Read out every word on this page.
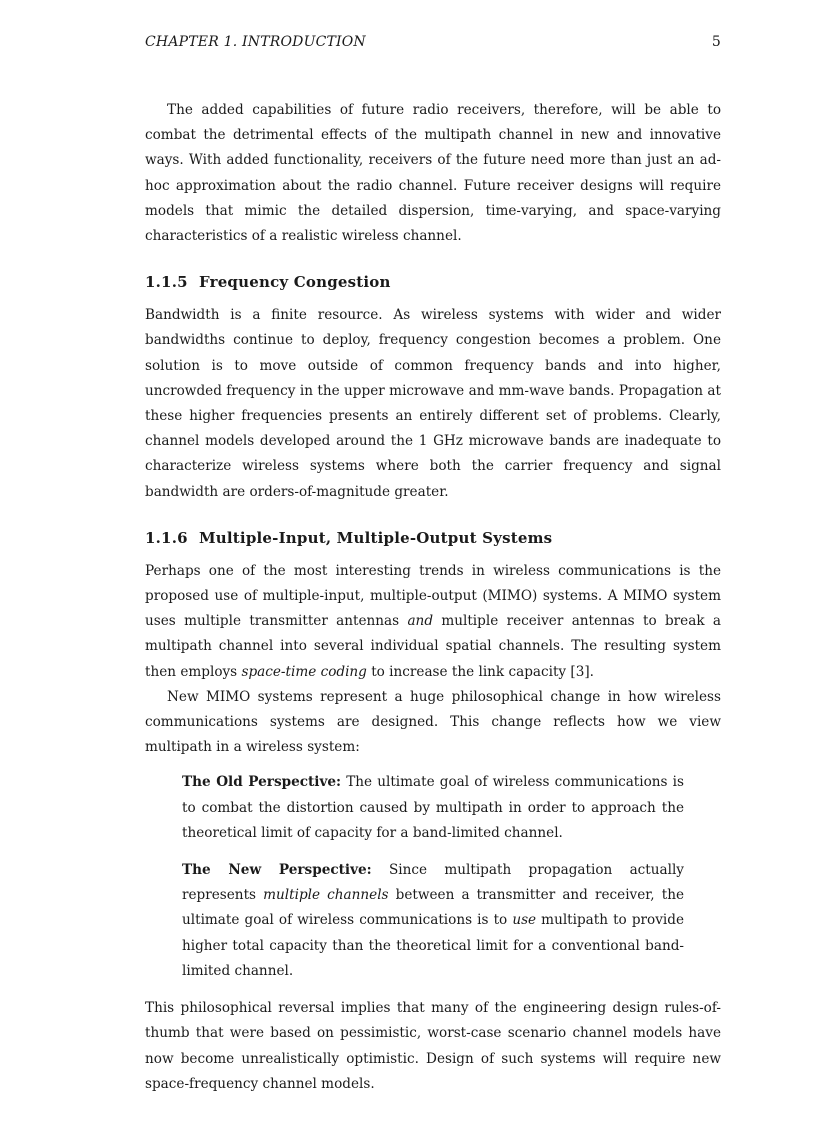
CHAPTER 1. INTRODUCTION	5

The added capabilities of future radio receivers, therefore, will be able to combat the detrimental effects of the multipath channel in new and innovative ways. With added functionality, receivers of the future need more than just an ad-hoc approximation about the radio channel. Future receiver designs will require models that mimic the detailed dispersion, time-varying, and space-varying characteristics of a realistic wireless channel.

1.1.5 Frequency Congestion

Bandwidth is a finite resource. As wireless systems with wider and wider bandwidths continue to deploy, frequency congestion becomes a problem. One solution is to move outside of common frequency bands and into higher, uncrowded frequency in the upper microwave and mm-wave bands. Propagation at these higher frequencies presents an entirely different set of problems. Clearly, channel models developed around the 1 GHz microwave bands are inadequate to characterize wireless systems where both the carrier frequency and signal bandwidth are orders-of-magnitude greater.

1.1.6 Multiple-Input, Multiple-Output Systems

Perhaps one of the most interesting trends in wireless communications is the proposed use of multiple-input, multiple-output (MIMO) systems. A MIMO system uses multiple transmitter antennas and multiple receiver antennas to break a multipath channel into several individual spatial channels. The resulting system then employs space-time coding to increase the link capacity [3].

New MIMO systems represent a huge philosophical change in how wireless communications systems are designed. This change reflects how we view multipath in a wireless system:

The Old Perspective: The ultimate goal of wireless communications is to combat the distortion caused by multipath in order to approach the theoretical limit of capacity for a band-limited channel.

The New Perspective: Since multipath propagation actually represents multiple channels between a transmitter and receiver, the ultimate goal of wireless communications is to use multipath to provide higher total capacity than the theoretical limit for a conventional band-limited channel.

This philosophical reversal implies that many of the engineering design rules-of-thumb that were based on pessimistic, worst-case scenario channel models have now become unrealistically optimistic. Design of such systems will require new space-frequency channel models.
